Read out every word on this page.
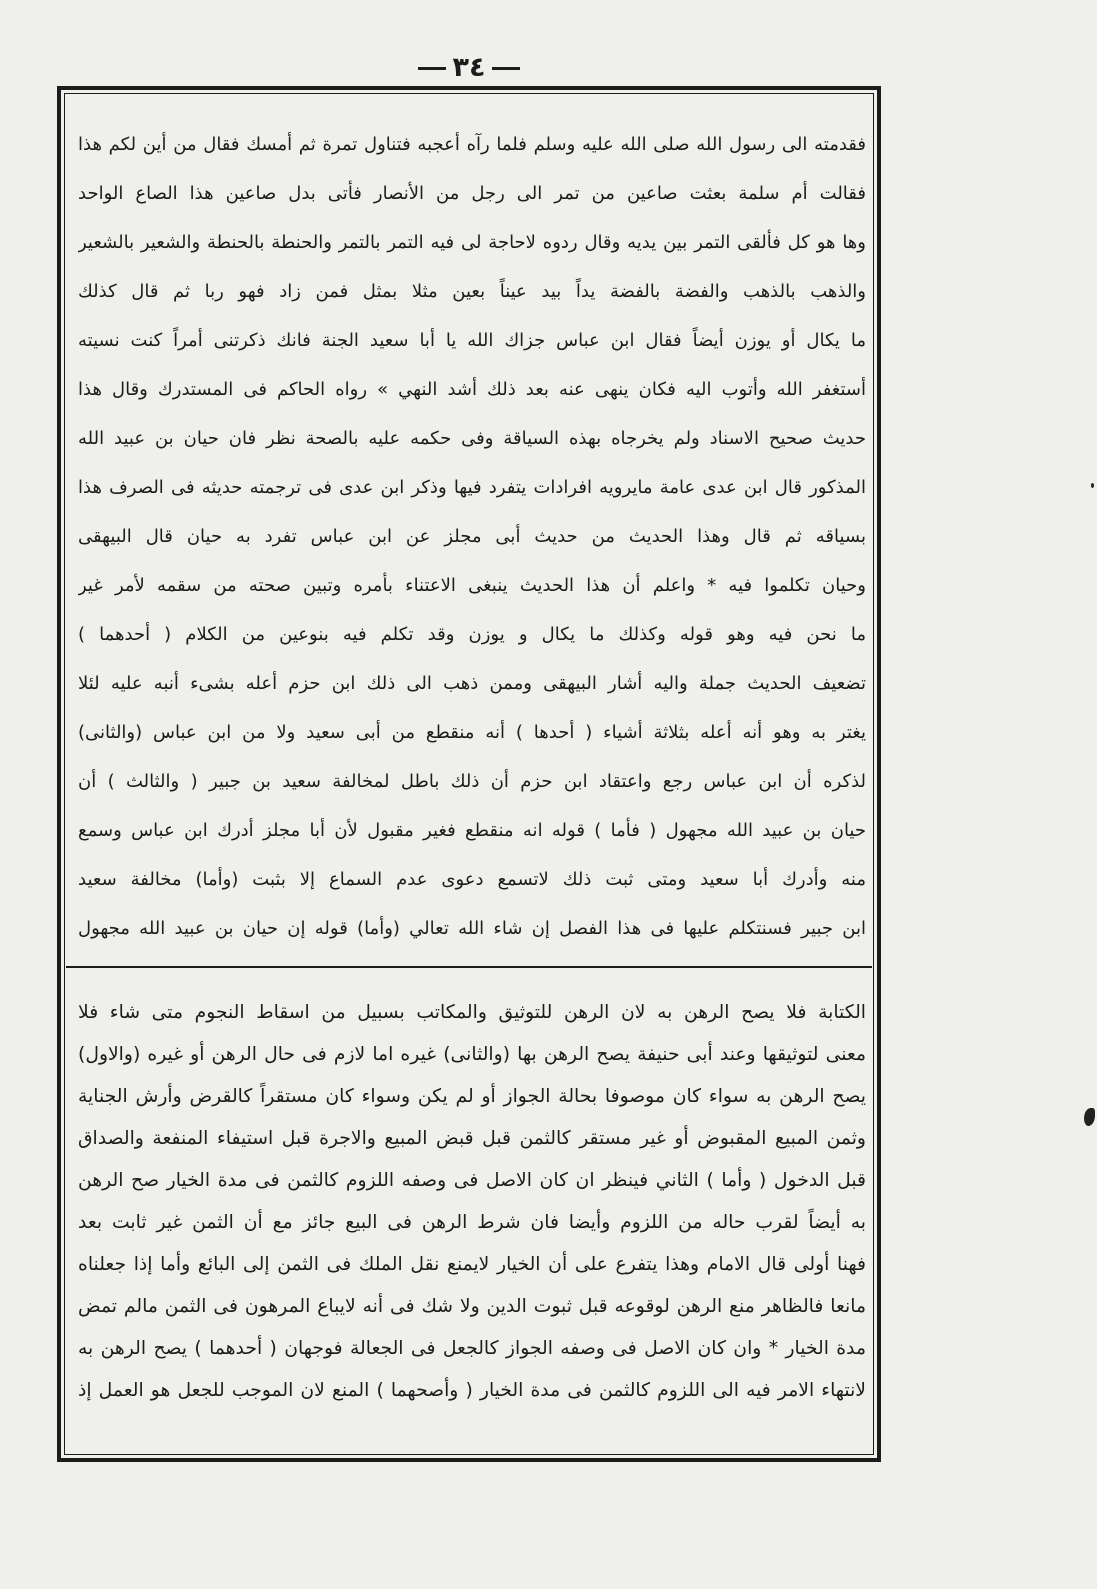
٣٤
فقدمته الى رسول الله صلى الله عليه وسلم فلما رآه أعجبه فتناول تمرة ثم أمسك فقال من أين لكم هذا
فقالت أم سلمة بعثت صاعين من تمر الى رجل من الأنصار فأتى بدل صاعين هذا الصاع الواحد
وها هو كل فألقى التمر بين يديه وقال ردوه لاحاجة لى فيه التمر بالتمر والحنطة بالحنطة والشعير بالشعير
والذهب بالذهب والفضة بالفضة يداً بيد عيناً بعين مثلا بمثل فمن زاد فهو ربا ثم قال كذلك
ما يكال أو يوزن أيضاً فقال ابن عباس جزاك الله يا أبا سعيد الجنة فانك ذكرتنى أمراً كنت نسيته
أستغفر الله وأتوب اليه فكان ينهى عنه بعد ذلك أشد النهي » رواه الحاكم فى المستدرك وقال هذا
حديث صحيح الاسناد ولم يخرجاه بهذه السياقة وفى حكمه عليه بالصحة نظر فان حيان بن عبيد الله
المذكور قال ابن عدى عامة مايرويه افرادات يتفرد فيها وذكر ابن عدى فى ترجمته حديثه فى الصرف هذا
بسياقه ثم قال وهذا الحديث من حديث أبى مجلز عن ابن عباس تفرد به حيان قال البيهقى
وحيان تكلموا فيه * واعلم أن هذا الحديث ينبغى الاعتناء بأمره وتبين صحته من سقمه لأمر غير
ما نحن فيه وهو قوله وكذلك ما يكال و يوزن وقد تكلم فيه بنوعين من الكلام ( أحدهما )
تضعيف الحديث جملة واليه أشار البيهقى وممن ذهب الى ذلك ابن حزم أعله بشىء أنبه عليه لئلا
يغتر به وهو أنه أعله بثلاثة أشياء ( أحدها ) أنه منقطع من أبى سعيد ولا من ابن عباس (والثانى)
لذكره أن ابن عباس رجع واعتقاد ابن حزم أن ذلك باطل لمخالفة سعيد بن جبير ( والثالث ) أن
حيان بن عبيد الله مجهول ( فأما ) قوله انه منقطع فغير مقبول لأن أبا مجلز أدرك ابن عباس وسمع
منه وأدرك أبا سعيد ومتى ثبت ذلك لاتسمع دعوى عدم السماع إلا بثبت (وأما) مخالفة سعيد
ابن جبير فسنتكلم عليها فى هذا الفصل إن شاء الله تعالي (وأما) قوله إن حيان بن عبيد الله مجهول
الكتابة فلا يصح الرهن به لان الرهن للتوثيق والمكاتب بسبيل من اسقاط النجوم متى شاء فلا
معنى لتوثيقها وعند أبى حنيفة يصح الرهن بها (والثانى) غيره اما لازم فى حال الرهن أو غيره (والاول)
يصح الرهن به سواء كان موصوفا بحالة الجواز أو لم يكن وسواء كان مستقراً كالقرض وأرش الجناية
وثمن المبيع المقبوض أو غير مستقر كالثمن قبل قبض المبيع والاجرة قبل استيفاء المنفعة والصداق
قبل الدخول ( وأما ) الثاني فينظر ان كان الاصل فى وصفه اللزوم كالثمن فى مدة الخيار صح الرهن
به أيضاً لقرب حاله من اللزوم وأيضا فان شرط الرهن فى البيع جائز مع أن الثمن غير ثابت بعد
فهنا أولى قال الامام وهذا يتفرع على أن الخيار لايمنع نقل الملك فى الثمن إلى البائع وأما إذا جعلناه
مانعا فالظاهر منع الرهن لوقوعه قبل ثبوت الدين ولا شك فى أنه لايباع المرهون فى الثمن مالم تمض
مدة الخيار * وان كان الاصل فى وصفه الجواز كالجعل فى الجعالة فوجهان ( أحدهما ) يصح الرهن به
لانتهاء الامر فيه الى اللزوم كالثمن فى مدة الخيار ( وأصحهما ) المنع لان الموجب للجعل هو العمل إذ
